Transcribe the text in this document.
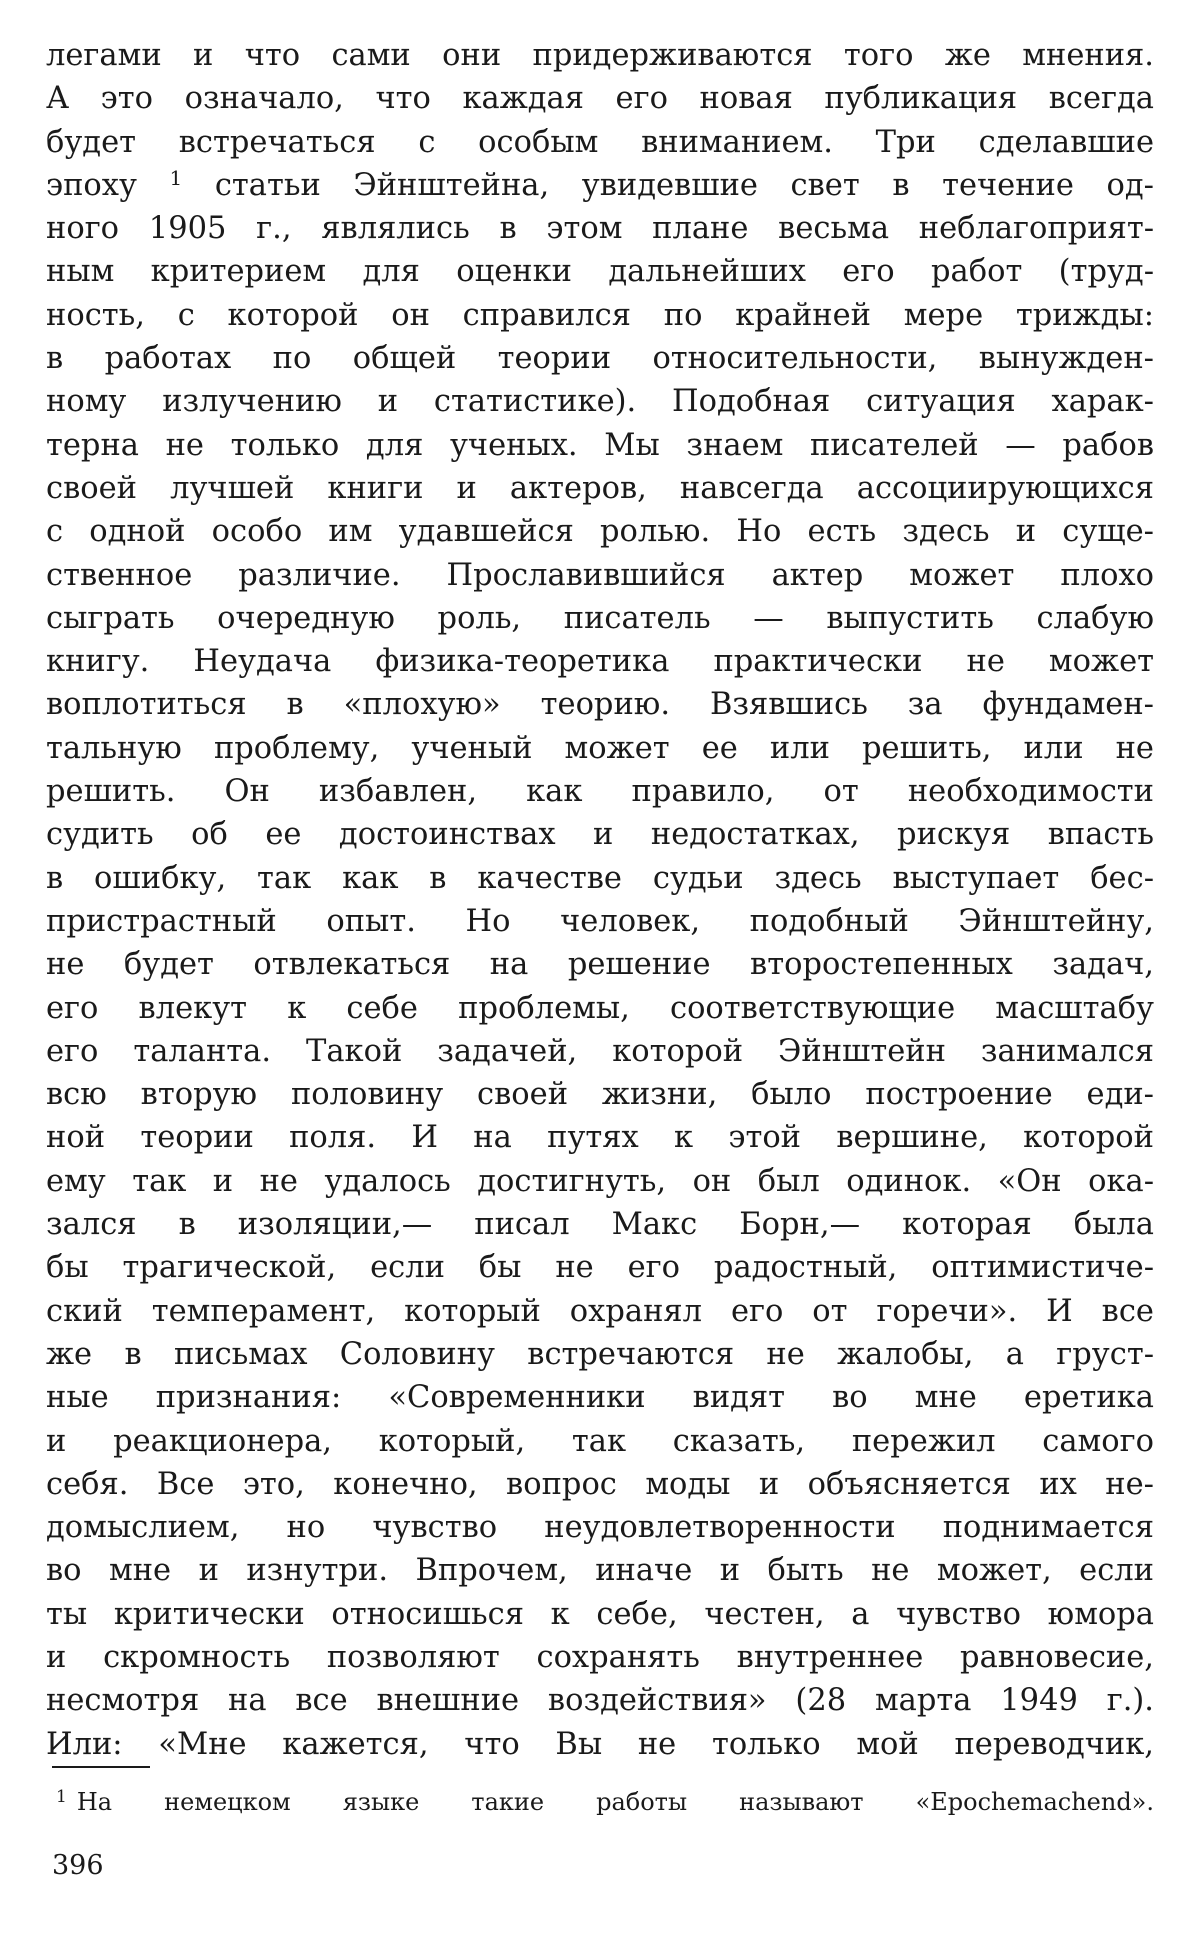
легами и что сами они придерживаются того же мнения.
А это означало, что каждая его новая публикация всегда
будет встречаться с особым вниманием. Три сделавшие
эпоху $^1$ статьи Эйнштейна, увидевшие свет в течение од-
ного 1905 г., являлись в этом плане весьма неблагоприят-
ным критерием для оценки дальнейших его работ (труд-
ность, с которой он справился по крайней мере трижды:
в работах по общей теории относительности, вынужден-
ному излучению и статистике). Подобная ситуация харак-
терна не только для ученых. Мы знаем писателей — рабов
своей лучшей книги и актеров, навсегда ассоциирующихся
с одной особо им удавшейся ролью. Но есть здесь и суще-
ственное различие. Прославившийся актер может плохо
сыграть очередную роль, писатель — выпустить слабую
книгу. Неудача физика-теоретика практически не может
воплотиться в «плохую» теорию. Взявшись за фундамен-
тальную проблему, ученый может ее или решить, или не
решить. Он избавлен, как правило, от необходимости
судить об ее достоинствах и недостатках, рискуя впасть
в ошибку, так как в качестве судьи здесь выступает бес-
пристрастный опыт. Но человек, подобный Эйнштейну,
не будет отвлекаться на решение второстепенных задач,
его влекут к себе проблемы, соответствующие масштабу
его таланта. Такой задачей, которой Эйнштейн занимался
всю вторую половину своей жизни, было построение еди-
ной теории поля. И на путях к этой вершине, которой
ему так и не удалось достигнуть, он был одинок. «Он ока-
зался в изоляции,— писал Макс Борн,— которая была
бы трагической, если бы не его радостный, оптимистиче-
ский темперамент, который охранял его от горечи». И все
же в письмах Соловину встречаются не жалобы, а груст-
ные признания: «Современники видят во мне еретика
и реакционера, который, так сказать, пережил самого
себя. Все это, конечно, вопрос моды и объясняется их не-
домыслием, но чувство неудовлетворенности поднимается
во мне и изнутри. Впрочем, иначе и быть не может, если
ты критически относишься к себе, честен, а чувство юмора
и скромность позволяют сохранять внутреннее равновесие,
несмотря на все внешние воздействия» (28 марта 1949 г.).
Или: «Мне кажется, что Вы не только мой переводчик,
$^1$ На немецком языке такие работы называют «Epochemachend».
396
